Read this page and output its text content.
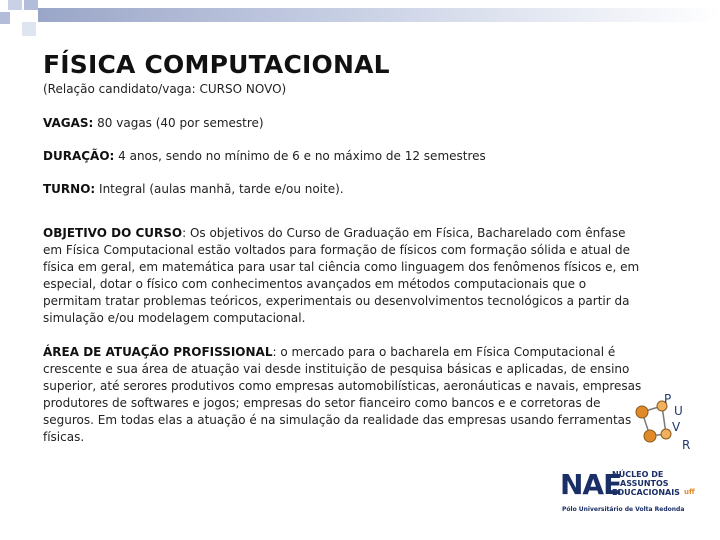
FÍSICA COMPUTACIONAL

(Relação candidato/vaga: CURSO NOVO)

VAGAS: 80 vagas (40 por semestre)

DURAÇÃO: 4 anos, sendo no mínimo de 6 e no máximo de 12 semestres

TURNO: Integral (aulas manhã, tarde e/ou noite).

OBJETIVO DO CURSO: Os objetivos do Curso de Graduação em Física, Bacharelado com ênfase em Física Computacional estão voltados para formação de físicos com formação sólida e atual de física em geral, em matemática para usar tal ciência como linguagem dos fenômenos físicos e, em especial, dotar o físico com conhecimentos avançados em métodos computacionais que o permitam tratar problemas teóricos, experimentais ou desenvolvimentos tecnológicos a partir da simulação e/ou modelagem computacional.

ÁREA DE ATUAÇÃO PROFISSIONAL: o mercado para o bacharela em Física Computacional é crescente e sua área de atuação vai desde instituição de pesquisa básicas e aplicadas, de ensino superior, até serores produtivos como empresas automobilísticas, aeronáuticas e navais, empresas produtores de softwares e jogos; empresas do setor fianceiro como bancos e e corretoras de seguros. Em todas elas a atuação é na simulação da realidade das empresas usando ferramentas físicas.

P
U
V
R
NAE
NÚCLEO DE
ASSUNTOS
EDUCACIONAIS uff
Pólo Universitário de Volta Redonda
